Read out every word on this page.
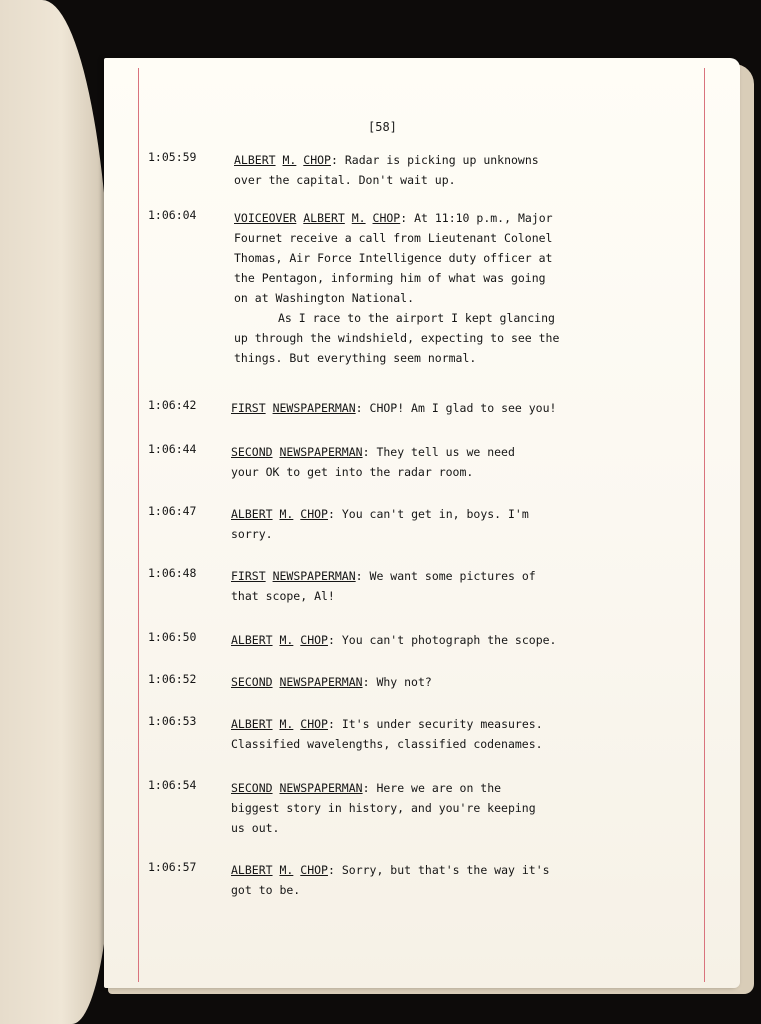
[58]
1:05:59	ALBERT M. CHOP: Radar is picking up unknowns
over the capital. Don't wait up.
1:06:04	VOICEOVER ALBERT M. CHOP: At 11:10 p.m., Major
Fournet receive a call from Lieutenant Colonel
Thomas, Air Force Intelligence duty officer at
the Pentagon, informing him of what was going
on at Washington National.
As I race to the airport I kept glancing
up through the windshield, expecting to see the
things. But everything seem normal.
1:06:42	FIRST NEWSPAPERMAN: CHOP! Am I glad to see you!
1:06:44	SECOND NEWSPAPERMAN: They tell us we need
your OK to get into the radar room.
1:06:47	ALBERT M. CHOP: You can't get in, boys. I'm
sorry.
1:06:48	FIRST NEWSPAPERMAN: We want some pictures of
that scope, Al!
1:06:50	ALBERT M. CHOP: You can't photograph the scope.
1:06:52	SECOND NEWSPAPERMAN: Why not?
1:06:53	ALBERT M. CHOP: It's under security measures.
Classified wavelengths, classified codenames.
1:06:54	SECOND NEWSPAPERMAN: Here we are on the
biggest story in history, and you're keeping
us out.
1:06:57	ALBERT M. CHOP: Sorry, but that's the way it's
got to be.
